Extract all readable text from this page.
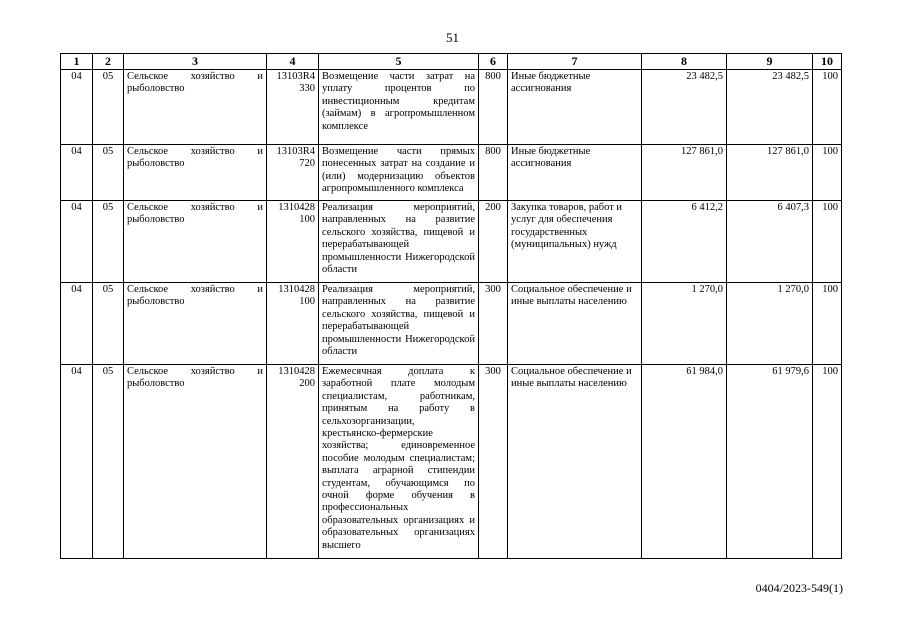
51
1	2	3	4	5	6	7	8	9	10
04	05	Сельское хозяйство и рыболовство	13103R4 330	Возмещение части затрат на уплату процентов по инвестиционным кредитам (займам) в агропромышленном комплексе	800	Иные бюджетные ассигнования	23 482,5	23 482,5	100
04	05	Сельское хозяйство и рыболовство	13103R4 720	Возмещение части прямых понесенных затрат на создание и (или) модернизацию объектов агропромышленного комплекса	800	Иные бюджетные ассигнования	127 861,0	127 861,0	100
04	05	Сельское хозяйство и рыболовство	1310428 100	Реализация мероприятий, направленных на развитие сельского хозяйства, пищевой и перерабатывающей промышленности Нижегородской области	200	Закупка товаров, работ и услуг для обеспечения государственных (муниципальных) нужд	6 412,2	6 407,3	100
04	05	Сельское хозяйство и рыболовство	1310428 100	Реализация мероприятий, направленных на развитие сельского хозяйства, пищевой и перерабатывающей промышленности Нижегородской области	300	Социальное обеспечение и иные выплаты населению	1 270,0	1 270,0	100
04	05	Сельское хозяйство и рыболовство	1310428 200	Ежемесячная доплата к заработной плате молодым специалистам, работникам, принятым на работу в сельхозорганизации, крестьянско-фермерские хозяйства; единовременное пособие молодым специалистам; выплата аграрной стипендии студентам, обучающимся по очной форме обучения в профессиональных образовательных организациях и образовательных организациях высшего	300	Социальное обеспечение и иные выплаты населению	61 984,0	61 979,6	100
0404/2023-549(1)
